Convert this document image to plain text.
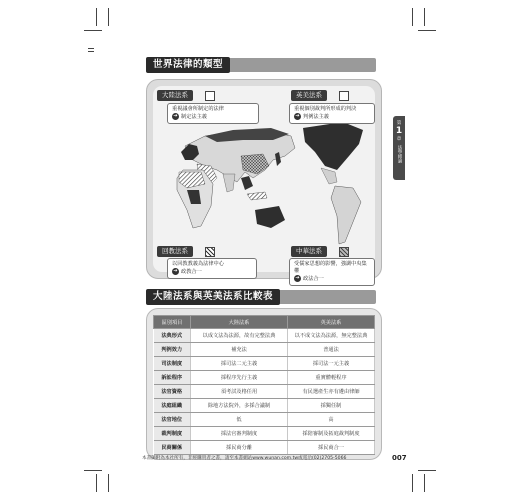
世界法律的類型
大陸法系
重視議會所制定的法律
➔ 制定法主義
英美法系
重視個別裁判所形成的判決
➔ 判例法主義
回教法系
以回教教義為法律中心
➔ 政教合一
中華法系
受儒家思想的影響，強調中央集權
➔ 政法合一
大陸法系與英美法系比較表
區別項目	大陸法系	英美法系
法典形式	以成文法為法源，故有完整法典	以不成文法為法源，無完整法典
判例效力	補充法	普通法
司法制度	採司法二元主義	採司法一元主義
訴訟程序	採程序先行主義	重實體輕程序
法官資格	須考試及格任用	有民選產生亦有遴由律師
法庭組織	除地方法院外，多採合議制	採獨任制
法官地位	低	高
裁判制度	採法官審判制度	採陪審制及拓庭裁判制度
民商關係	採民商分離	採民商合一
第
1
章
法學緒論
本書隨附為本社所有，非經購買者之書，請至本書網站www.wunan.com.tw或電洽(02)2705-5066	007
